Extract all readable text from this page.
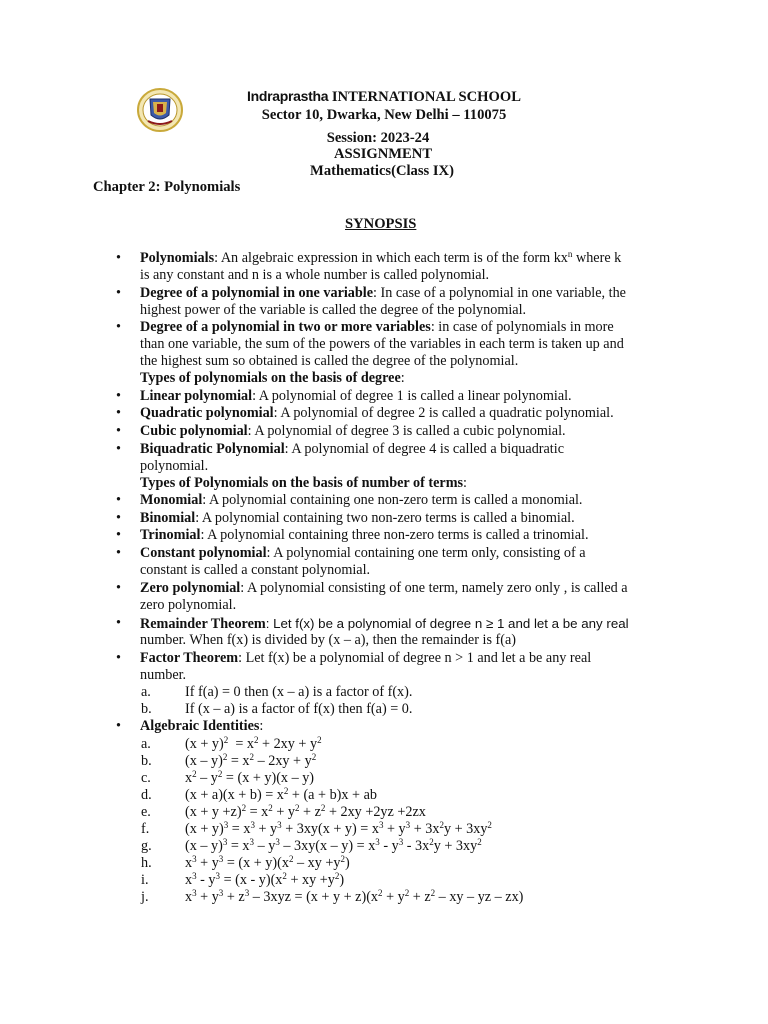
Indraprastha INTERNATIONAL SCHOOL
Sector 10, Dwarka, New Delhi – 110075
Session: 2023-24
ASSIGNMENT
Mathematics(Class IX)
Chapter 2: Polynomials
SYNOPSIS
•	Polynomials: An algebraic expression in which each term is of the form $kx^n$ where k
is any constant and n is a whole number is called polynomial.
•	Degree of a polynomial in one variable: In case of a polynomial in one variable, the
highest power of the variable is called the degree of the polynomial.
•	Degree of a polynomial in two or more variables: in case of polynomials in more
than one variable, the sum of the powers of the variables in each term is taken up and
the highest sum so obtained is called the degree of the polynomial.
Types of polynomials on the basis of degree:
•	Linear polynomial: A polynomial of degree 1 is called a linear polynomial.
•	Quadratic polynomial: A polynomial of degree 2 is called a quadratic polynomial.
•	Cubic polynomial: A polynomial of degree 3 is called a cubic polynomial.
•	Biquadratic Polynomial: A polynomial of degree 4 is called a biquadratic
polynomial.
Types of Polynomials on the basis of number of terms:
•	Monomial: A polynomial containing one non-zero term is called a monomial.
•	Binomial: A polynomial containing two non-zero terms is called a binomial.
•	Trinomial: A polynomial containing three non-zero terms is called a trinomial.
•	Constant polynomial: A polynomial containing one term only, consisting of a
constant is called a constant polynomial.
•	Zero polynomial: A polynomial consisting of one term, namely zero only , is called a
zero polynomial.
•	Remainder Theorem: Let f(x) be a polynomial of degree n ≥ 1 and let a be any real
number. When f(x) is divided by (x – a), then the remainder is f(a)
•	Factor Theorem: Let f(x) be a polynomial of degree n > 1 and let a be any real
number.
a. If f(a) = 0 then (x – a) is a factor of f(x).
b. If (x – a) is a factor of f(x) then f(a) = 0.
•	Algebraic Identities:
a. $(x + y)^2 = x^2 + 2xy + y^2$
b. $(x - y)^2 = x^2 - 2xy + y^2$
c. $x^2 - y^2 = (x + y)(x - y)$
d. $(x + a)(x + b) = x^2 + (a + b)x$ + ab
e. $(x + y +z)^2 = x^2 + y^2 + z^2 + 2xy +2yz +2zx$
f.	$(x + y)^3 = x^3 + y^3 + 3xy(x + y) = x^3 + y^3 + 3x^2y + 3xy^2$
g. $(x - y)^3 = x^3 - y^3 - 3xy(x - y) = x^3 - y^3 - 3x^2y + 3xy^2$
h. $x^3 + y^3 = (x + y)(x^2$ – xy $+y^2$)
i.	$x^3 - y^3 = (x - y)(x^2$ + xy $+y^2$)
j.	$x^3 + y^3 + z^3 - 3xyz = (x + y + z)(x^2 + y^2 + z^2$ – xy – yz – zx)
